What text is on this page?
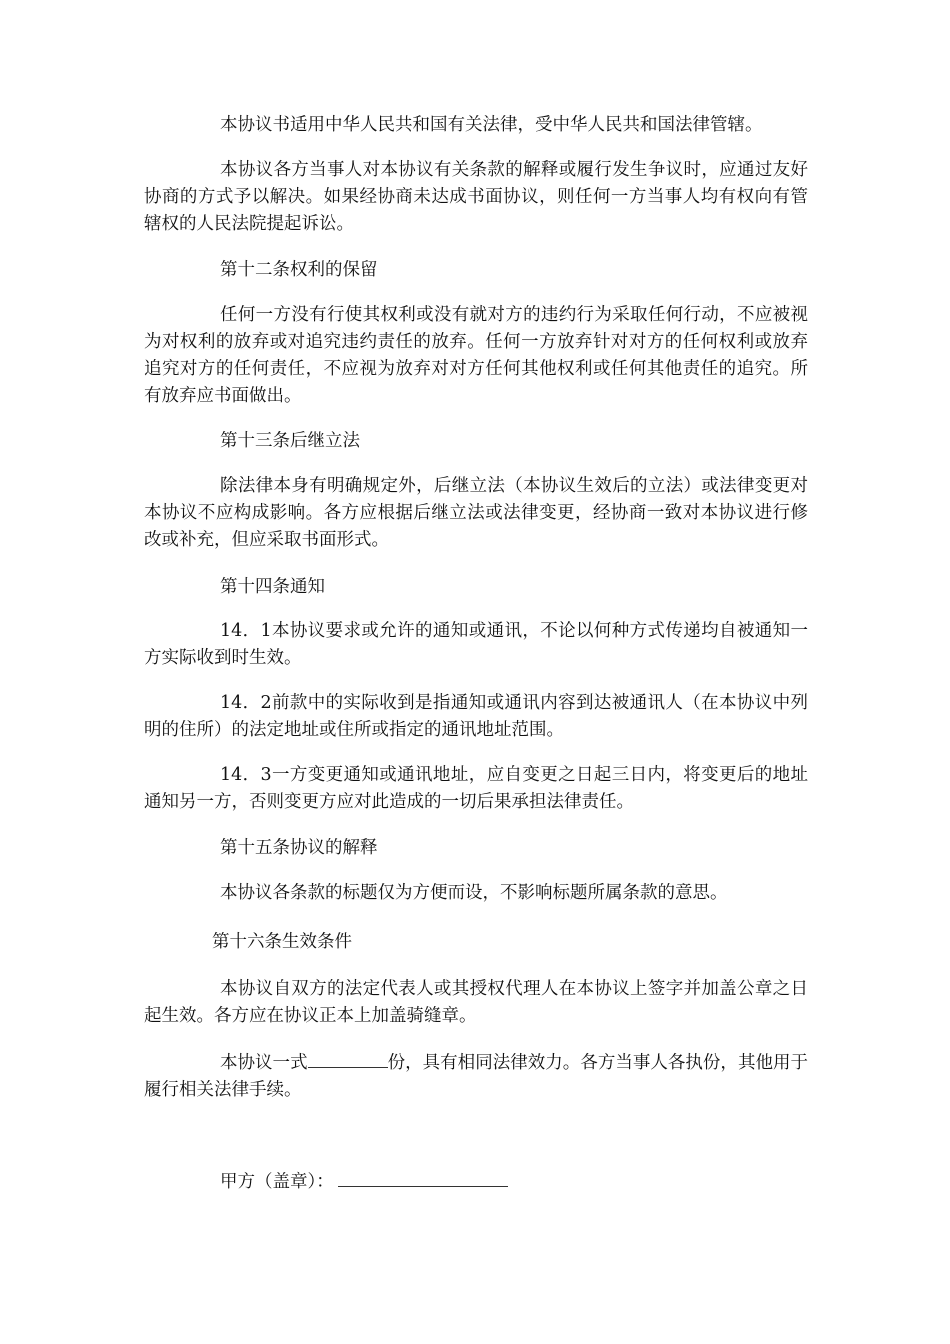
本协议书适用中华人民共和国有关法律，受中华人民共和国法律管辖。

本协议各方当事人对本协议有关条款的解释或履行发生争议时，应通过友好协商的方式予以解决。如果经协商未达成书面协议，则任何一方当事人均有权向有管辖权的人民法院提起诉讼。

第十二条权利的保留

任何一方没有行使其权利或没有就对方的违约行为采取任何行动，不应被视为对权利的放弃或对追究违约责任的放弃。任何一方放弃针对对方的任何权利或放弃追究对方的任何责任，不应视为放弃对对方任何其他权利或任何其他责任的追究。所有放弃应书面做出。

第十三条后继立法

除法律本身有明确规定外，后继立法（本协议生效后的立法）或法律变更对本协议不应构成影响。各方应根据后继立法或法律变更，经协商一致对本协议进行修改或补充，但应采取书面形式。

第十四条通知

14．1本协议要求或允许的通知或通讯，不论以何种方式传递均自被通知一方实际收到时生效。

14．2前款中的实际收到是指通知或通讯内容到达被通讯人（在本协议中列明的住所）的法定地址或住所或指定的通讯地址范围。

14．3一方变更通知或通讯地址，应自变更之日起三日内，将变更后的地址通知另一方，否则变更方应对此造成的一切后果承担法律责任。

第十五条协议的解释

本协议各条款的标题仅为方便而设，不影响标题所属条款的意思。

第十六条生效条件

本协议自双方的法定代表人或其授权代理人在本协议上签字并加盖公章之日起生效。各方应在协议正本上加盖骑缝章。

本协议一式	份，具有相同法律效力。各方当事人各执份，其他用于履行相关法律手续。

甲方（盖章）：
